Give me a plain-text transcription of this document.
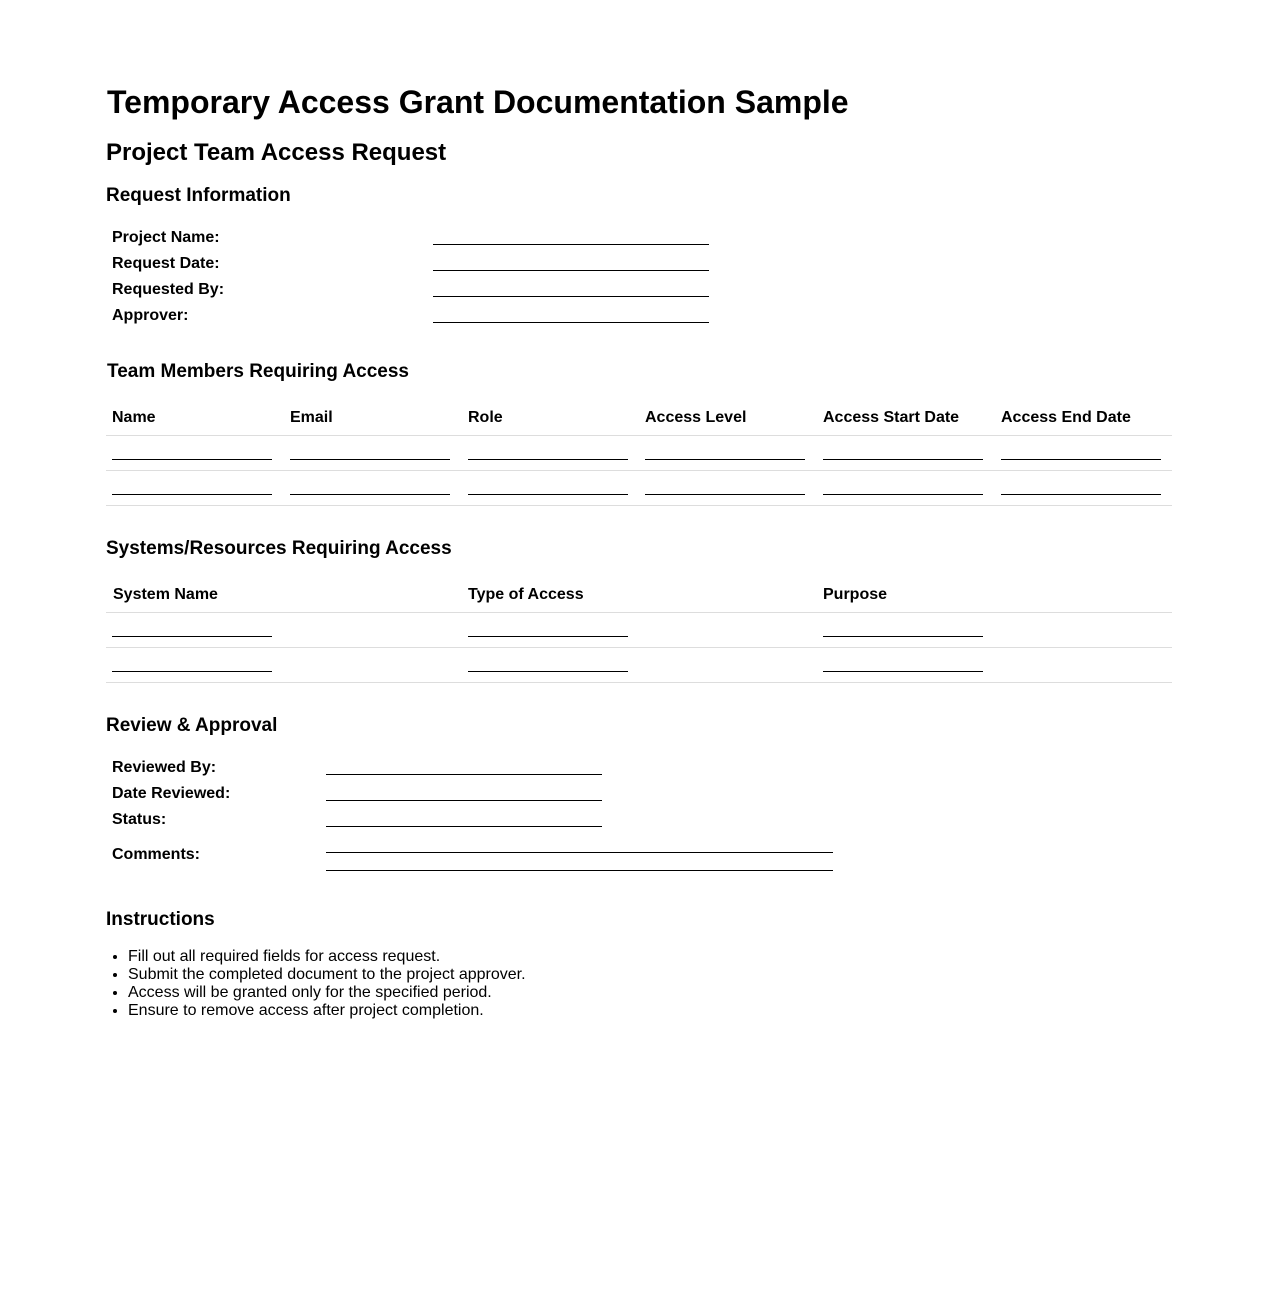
Temporary Access Grant Documentation Sample
Project Team Access Request
Request Information
Project Name:
Request Date:
Requested By:
Approver:
Team Members Requiring Access
Name	Email	Role	Access Level	Access Start Date	Access End Date
Systems/Resources Requiring Access
System Name	Type of Access	Purpose
Review & Approval
Reviewed By:
Date Reviewed:
Status:
Comments:
Instructions
• Fill out all required fields for access request.
• Submit the completed document to the project approver.
• Access will be granted only for the specified period.
• Ensure to remove access after project completion.
